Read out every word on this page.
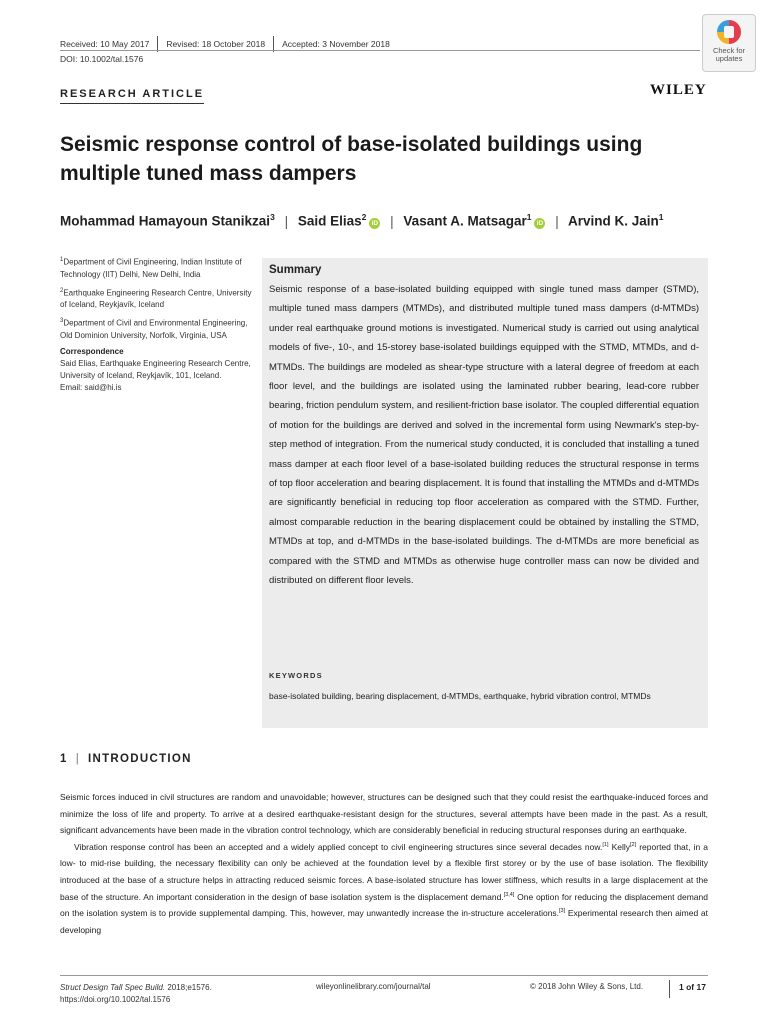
Received: 10 May 2017 Revised: 18 October 2018 Accepted: 3 November 2018
DOI: 10.1002/tal.1576
Check for
updates
RESEARCH ARTICLE	WILEY
Seismic response control of base-isolated buildings using multiple tuned mass dampers
Mohammad Hamayoun Stanikzai$^3$ | Said Elias$^2$iD | Vasant A. Matsagar$^1$iD | Arvind K. Jain$^1$

$^1$Department of Civil Engineering, Indian Institute of Technology (IIT) Delhi, New Delhi, India

$^2$Earthquake Engineering Research Centre, University of Iceland, Reykjavík, Iceland

$^3$Department of Civil and Environmental Engineering, Old Dominion University, Norfolk, Virginia, USA

Correspondence

Said Elias, Earthquake Engineering Research Centre, University of Iceland, Reykjavík, 101, Iceland.

Email: said@hi.is

Summary
Seismic response of a base-isolated building equipped with single tuned mass damper (STMD), multiple tuned mass dampers (MTMDs), and distributed multiple tuned mass dampers (d-MTMDs) under real earthquake ground motions is investigated. Numerical study is carried out using analytical models of five-, 10-, and 15-storey base-isolated buildings equipped with the STMD, MTMDs, and d-MTMDs. The buildings are modeled as shear-type structure with a lateral degree of freedom at each floor level, and the buildings are isolated using the laminated rubber bearing, lead-core rubber bearing, friction pendulum system, and resilient-friction base isolator. The coupled differential equation of motion for the buildings are derived and solved in the incremental form using Newmark's step-by-step method of integration. From the numerical study conducted, it is concluded that installing a tuned mass damper at each floor level of a base-isolated building reduces the structural response in terms of top floor acceleration and bearing displacement. It is found that installing the MTMDs and d-MTMDs are significantly beneficial in reducing top floor acceleration as compared with the STMD. Further, almost comparable reduction in the bearing displacement could be obtained by installing the STMD, MTMDs at top, and d-MTMDs in the base-isolated buildings. The d-MTMDs are more beneficial as compared with the STMD and MTMDs as otherwise huge controller mass can now be divided and distributed on different floor levels.
KEYWORDS
base-isolated building, bearing displacement, d-MTMDs, earthquake, hybrid vibration control, MTMDs
1 | INTRODUCTION

Seismic forces induced in civil structures are random and unavoidable; however, structures can be designed such that they could resist the earthquake-induced forces and minimize the loss of life and property. To arrive at a desired earthquake-resistant design for the structures, several attempts have been made in the past. As a result, significant advancements have been made in the vibration control technology, which are considerably beneficial in reducing structural responses during an earthquake.

Vibration response control has been an accepted and a widely applied concept to civil engineering structures since several decades now.[1] Kelly[2] reported that, in a low- to mid-rise building, the necessary flexibility can only be achieved at the foundation level by a flexible first storey or by the use of base isolation. The flexibility introduced at the base of a structure helps in attracting reduced seismic forces. A base-isolated structure has lower stiffness, which results in a large displacement at the base of the structure. An important consideration in the design of base isolation system is the displacement demand.[3,4] One option for reducing the displacement demand on the isolation system is to provide supplemental damping. This, however, may unwantedly increase the in-structure accelerations.[3] Experimental research then aimed at developing

Struct Design Tall Spec Build. 2018;e1576.
https://doi.org/10.1002/tal.1576
wileyonlinelibrary.com/journal/tal	© 2018 John Wiley & Sons, Ltd.	1 of 17
